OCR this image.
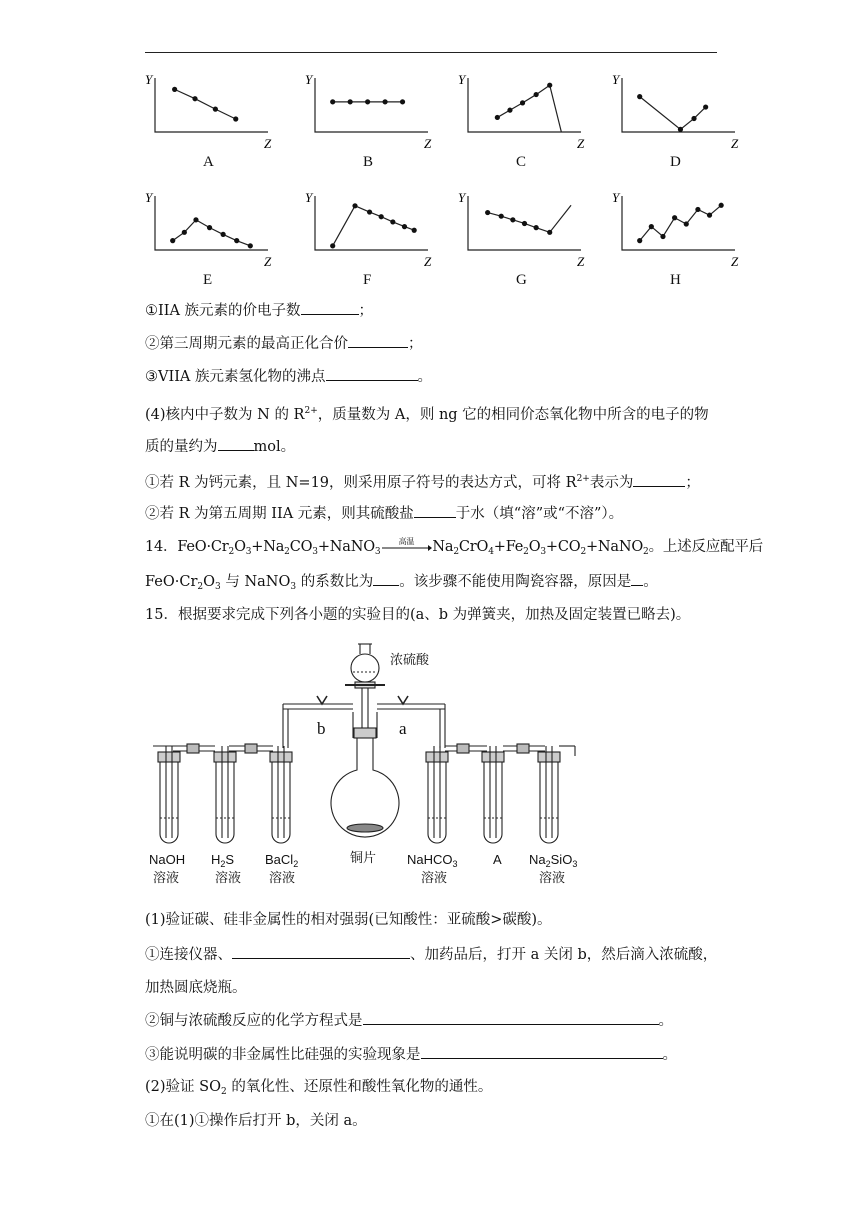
Y
Z
A
Y
Z
B
Y
Z
C
Y
Z
D
Y
Z
E
Y
Z
F
Y
Z
G
Y
Z
H
①IIA 族元素的价电子数	；
②第三周期元素的最高正化合价	；
③VIIA 族元素氢化物的沸点	。
(4)核内中子数为 N 的 $R^{2+}$，质量数为 A，则 ng 它的相同价态氧化物中所含的电子的物
质的量约为 mol。
①若 R 为钙元素，且 N=19，则采用原子符号的表达方式，可将 $R^{2+}$表示为	；
②若 R 为第五周期 IIA 元素，则其硫酸盐	于水（填“溶”或“不溶”）。
14．$FeO\cdot Cr_2O_3+Na_2CO_3+NaNO_3$
高温	$Na_2CrO_4+Fe_2O_3+CO_2+NaNO_2$。上述反应配平后
$FeO\cdot Cr_2O_3$ 与 NaNO$_3$ 的系数比为 。该步骤不能使用陶瓷容器，原因是 。
15．根据要求完成下列各小题的实验目的(a、b 为弹簧夹，加热及固定装置已略去)。
浓硫酸
b	a
铜片
NaOH
溶液
$H_2S$
溶液
BaCl$_2$
溶液
NaHCO$_3$
溶液
A $Na_2SiO_3$
溶液
(1)验证碳、硅非金属性的相对强弱(已知酸性：亚硫酸>碳酸)。
①连接仪器、	、加药品后，打开 a 关闭 b，然后滴入浓硫酸，
加热圆底烧瓶。
②铜与浓硫酸反应的化学方程式是	。
③能说明碳的非金属性比硅强的实验现象是	。
(2)验证 $SO_2$ 的氧化性、还原性和酸性氧化物的通性。
①在(1)①操作后打开 b，关闭 a。
